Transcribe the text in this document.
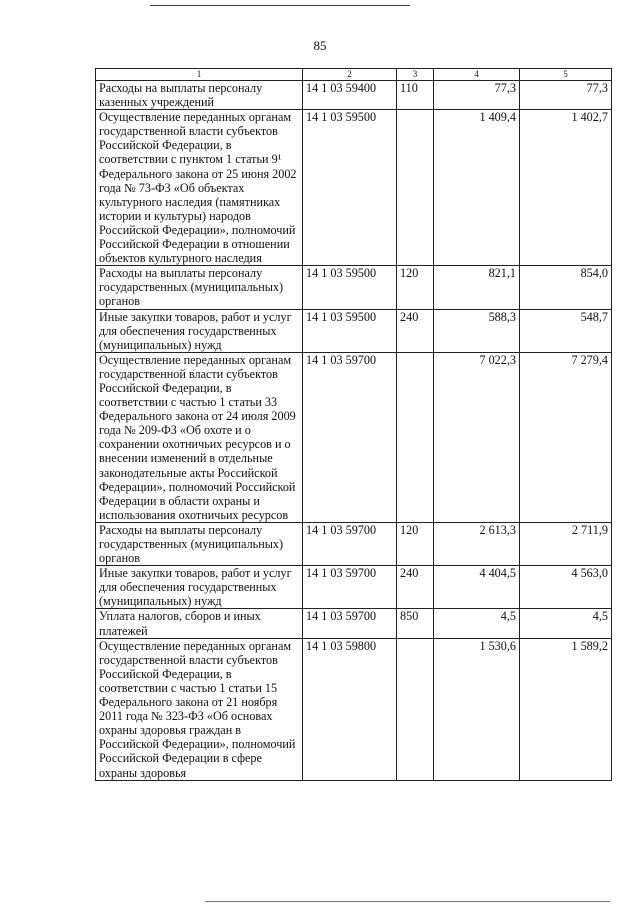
85
1	2	3	4	5
Расходы на выплаты персоналу казенных учреждений	14 1 03 59400	110	77,3	77,3
Осуществление переданных органам государственной власти субъектов Российской Федерации, в соответствии с пунктом 1 статьи 9¹ Федерального закона от 25 июня 2002 года № 73-ФЗ «Об объектах культурного наследия (памятниках истории и культуры) народов Российской Федерации», полномочий Российской Федерации в отношении объектов культурного наследия	14 1 03 59500		1 409,4	1 402,7
Расходы на выплаты персоналу государственных (муниципальных) органов	14 1 03 59500	120	821,1	854,0
Иные закупки товаров, работ и услуг для обеспечения государственных (муниципальных) нужд	14 1 03 59500	240	588,3	548,7
Осуществление переданных органам государственной власти субъектов Российской Федерации, в соответствии с частью 1 статьи 33 Федерального закона от 24 июля 2009 года № 209-ФЗ «Об охоте и о сохранении охотничьих ресурсов и о внесении изменений в отдельные законодательные акты Российской Федерации», полномочий Российской Федерации в области охраны и использования охотничьих ресурсов	14 1 03 59700		7 022,3	7 279,4
Расходы на выплаты персоналу государственных (муниципальных) органов	14 1 03 59700	120	2 613,3	2 711,9
Иные закупки товаров, работ и услуг для обеспечения государственных (муниципальных) нужд	14 1 03 59700	240	4 404,5	4 563,0
Уплата налогов, сборов и иных платежей	14 1 03 59700	850	4,5	4,5
Осуществление переданных органам государственной власти субъектов Российской Федерации, в соответствии с частью 1 статьи 15 Федерального закона от 21 ноября 2011 года № 323-ФЗ «Об основах охраны здоровья граждан в Российской Федерации», полномочий Российской Федерации в сфере охраны здоровья	14 1 03 59800		1 530,6	1 589,2
